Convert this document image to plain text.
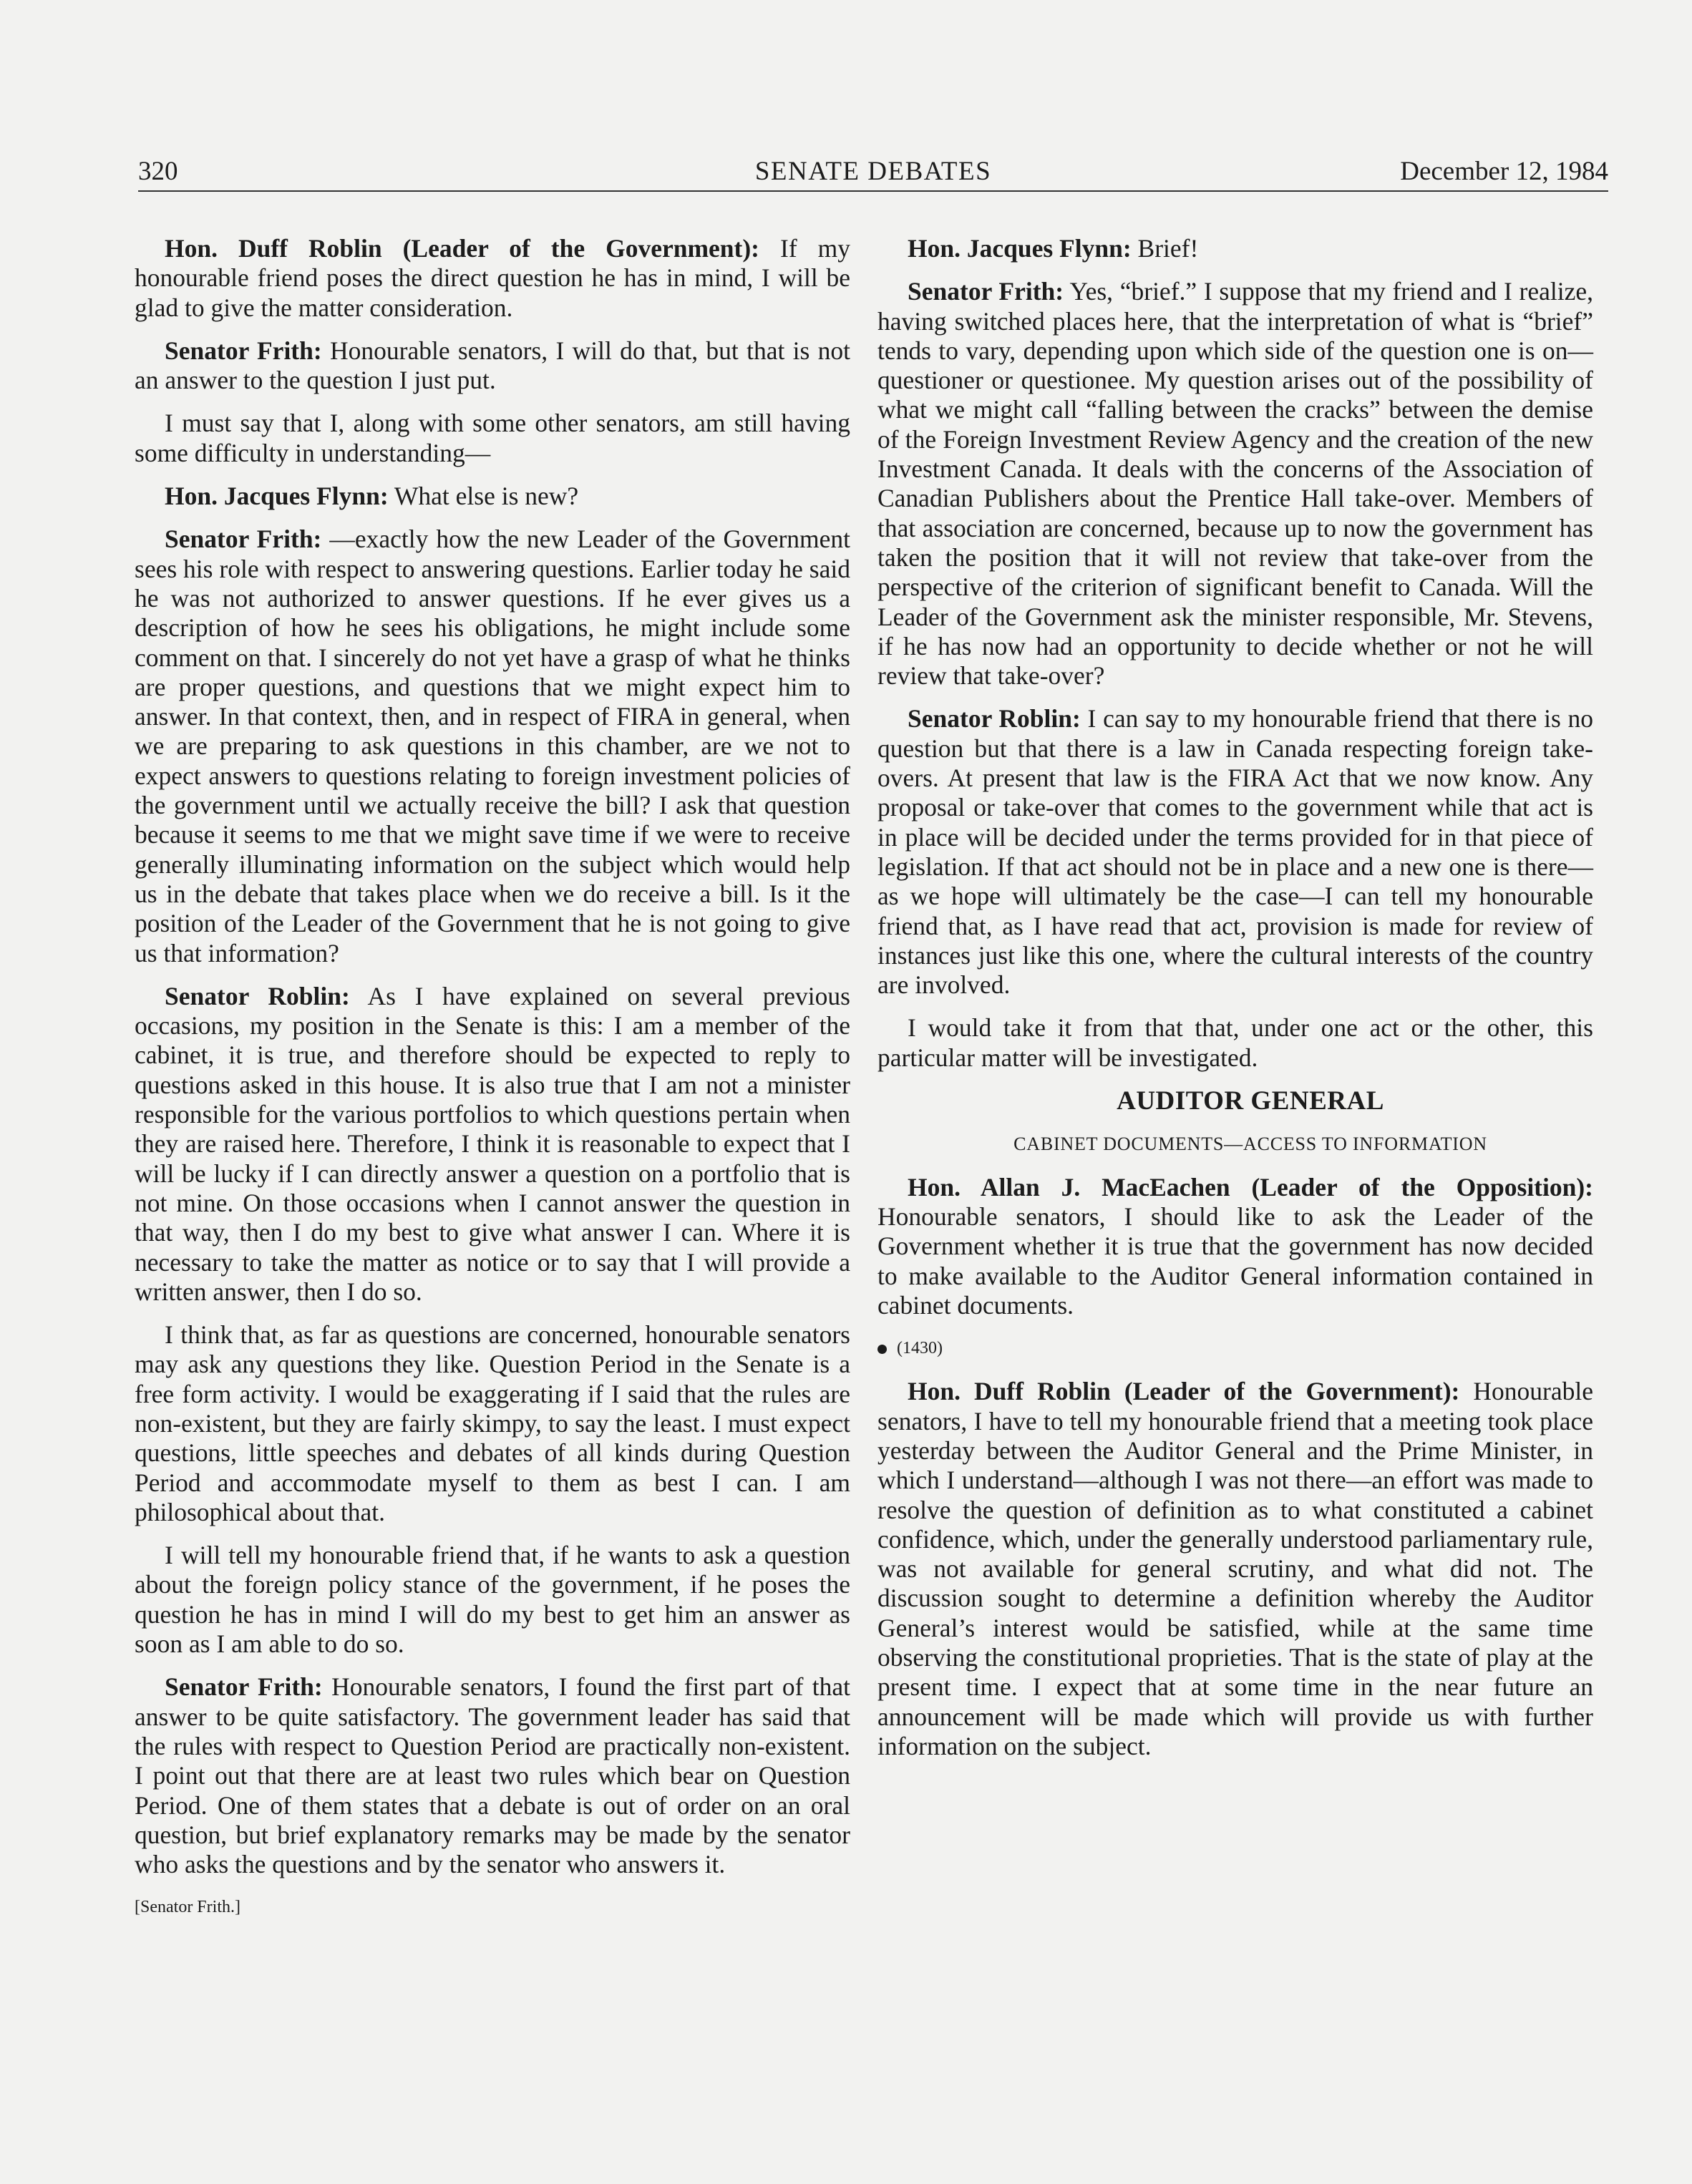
320	SENATE DEBATES	December 12, 1984

Hon. Duff Roblin (Leader of the Government): If my honourable friend poses the direct question he has in mind, I will be glad to give the matter consideration.

Senator Frith: Honourable senators, I will do that, but that is not an answer to the question I just put.

I must say that I, along with some other senators, am still having some difficulty in understanding—

Hon. Jacques Flynn: What else is new?

Senator Frith: —exactly how the new Leader of the Government sees his role with respect to answering questions. Earlier today he said he was not authorized to answer questions. If he ever gives us a description of how he sees his obligations, he might include some comment on that. I sincerely do not yet have a grasp of what he thinks are proper questions, and questions that we might expect him to answer. In that context, then, and in respect of FIRA in general, when we are preparing to ask questions in this chamber, are we not to expect answers to questions relating to foreign investment policies of the government until we actually receive the bill? I ask that question because it seems to me that we might save time if we were to receive generally illuminating information on the subject which would help us in the debate that takes place when we do receive a bill. Is it the position of the Leader of the Government that he is not going to give us that information?

Senator Roblin: As I have explained on several previous occasions, my position in the Senate is this: I am a member of the cabinet, it is true, and therefore should be expected to reply to questions asked in this house. It is also true that I am not a minister responsible for the various portfolios to which questions pertain when they are raised here. Therefore, I think it is reasonable to expect that I will be lucky if I can directly answer a question on a portfolio that is not mine. On those occasions when I cannot answer the question in that way, then I do my best to give what answer I can. Where it is necessary to take the matter as notice or to say that I will provide a written answer, then I do so.

I think that, as far as questions are concerned, honourable senators may ask any questions they like. Question Period in the Senate is a free form activity. I would be exaggerating if I said that the rules are non-existent, but they are fairly skimpy, to say the least. I must expect questions, little speeches and debates of all kinds during Question Period and accommodate myself to them as best I can. I am philosophical about that.

I will tell my honourable friend that, if he wants to ask a question about the foreign policy stance of the government, if he poses the question he has in mind I will do my best to get him an answer as soon as I am able to do so.

Senator Frith: Honourable senators, I found the first part of that answer to be quite satisfactory. The government leader has said that the rules with respect to Question Period are practically non-existent. I point out that there are at least two rules which bear on Question Period. One of them states that a debate is out of order on an oral question, but brief explanatory remarks may be made by the senator who asks the questions and by the senator who answers it.

[Senator Frith.]

Hon. Jacques Flynn: Brief!

Senator Frith: Yes, “brief.” I suppose that my friend and I realize, having switched places here, that the interpretation of what is “brief” tends to vary, depending upon which side of the question one is on—questioner or questionee. My question arises out of the possibility of what we might call “falling between the cracks” between the demise of the Foreign Investment Review Agency and the creation of the new Investment Canada. It deals with the concerns of the Association of Canadian Publishers about the Prentice Hall take-over. Members of that association are concerned, because up to now the government has taken the position that it will not review that take-over from the perspective of the criterion of significant benefit to Canada. Will the Leader of the Government ask the minister responsible, Mr. Stevens, if he has now had an opportunity to decide whether or not he will review that take-over?

Senator Roblin: I can say to my honourable friend that there is no question but that there is a law in Canada respecting foreign take-overs. At present that law is the FIRA Act that we now know. Any proposal or take-over that comes to the government while that act is in place will be decided under the terms provided for in that piece of legislation. If that act should not be in place and a new one is there—as we hope will ultimately be the case—I can tell my honourable friend that, as I have read that act, provision is made for review of instances just like this one, where the cultural interests of the country are involved.

I would take it from that that, under one act or the other, this particular matter will be investigated.

AUDITOR GENERAL

CABINET DOCUMENTS—ACCESS TO INFORMATION

Hon. Allan J. MacEachen (Leader of the Opposition): Honourable senators, I should like to ask the Leader of the Government whether it is true that the government has now decided to make available to the Auditor General information contained in cabinet documents.

(1430)

Hon. Duff Roblin (Leader of the Government): Honourable senators, I have to tell my honourable friend that a meeting took place yesterday between the Auditor General and the Prime Minister, in which I understand—although I was not there—an effort was made to resolve the question of definition as to what constituted a cabinet confidence, which, under the generally understood parliamentary rule, was not available for general scrutiny, and what did not. The discussion sought to determine a definition whereby the Auditor General’s interest would be satisfied, while at the same time observing the constitutional proprieties. That is the state of play at the present time. I expect that at some time in the near future an announcement will be made which will provide us with further information on the subject.
